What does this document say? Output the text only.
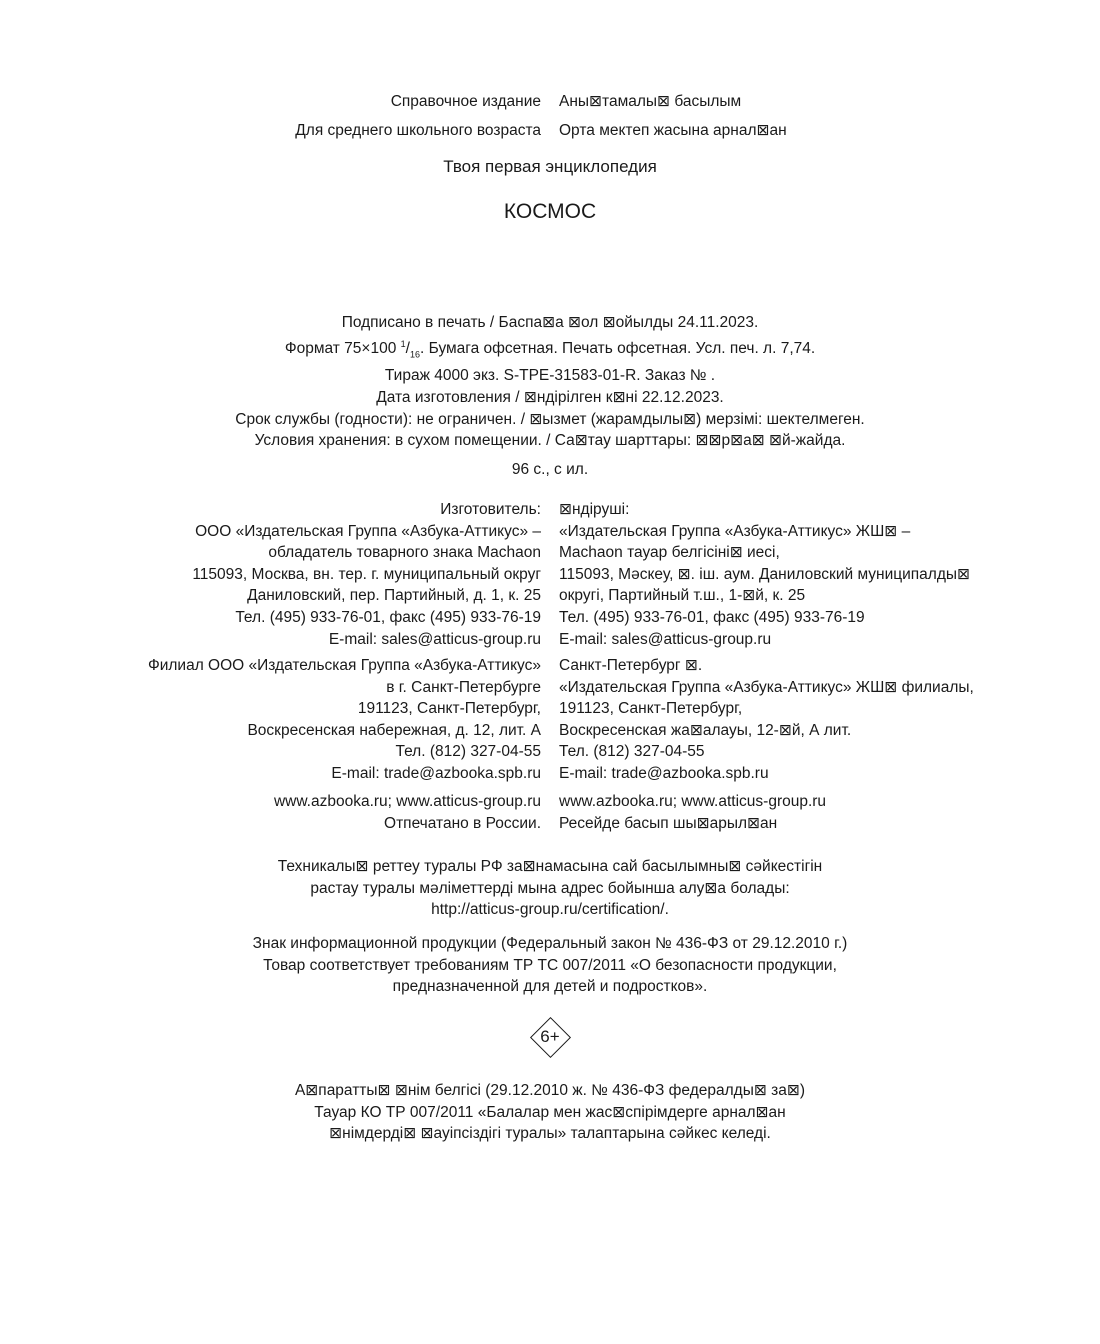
Справочное издание Аны⊠тамалы⊠ басылым
Для среднего школьного возраста Орта мектеп жасына арнал⊠ан
Твоя первая энциклопедия
КОСМОС
Подписано в печать / Баспа⊠а ⊠ол ⊠ойылды 24.11.2023.
Формат 75×100 $^1/_{16}$. Бумага офсетная. Печать офсетная. Усл. печ. л. 7,74.
Тираж 4000 экз. S-TPE-31583-01-R. Заказ № .
Дата изготовления / ⊠ндірілген к⊠ні 22.12.2023.
Срок службы (годности): не ограничен. / ⊠ызмет (жарамдылы⊠) мерзімі: шектелмеген.
Условия хранения: в сухом помещении. / Са⊠тау шарттары: ⊠⊠р⊠а⊠ ⊠й-жайда.
96 с., с ил.
Изготовитель: ⊠ндіруші:
ООО «Издательская Группа «Азбука-Аттикус» – «Издательская Группа «Азбука-Аттикус» ЖШ⊠ –
обладатель товарного знака Machaon Machaon тауар белгісіні⊠ иесі,
115093, Москва, вн. тер. г. муниципальный округ 115093, Мәскеу, ⊠. іш. аум. Даниловский муниципалды⊠
Даниловский, пер. Партийный, д. 1, к. 25 округі, Партийный т.ш., 1-⊠й, к. 25
Тел. (495) 933-76-01, факс (495) 933-76-19 Тел. (495) 933-76-01, факс (495) 933-76-19
E-mail: sales@atticus-group.ru E-mail: sales@atticus-group.ru
Филиал ООО «Издательская Группа «Азбука-Аттикус» Санкт-Петербург ⊠.
в г. Санкт-Петербурге «Издательская Группа «Азбука-Аттикус» ЖШ⊠ филиалы,
191123, Санкт-Петербург, 191123, Санкт-Петербург,
Воскресенская набережная, д. 12, лит. А Воскресенская жа⊠алауы, 12-⊠й, А лит.
Тел. (812) 327-04-55 Тел. (812) 327-04-55
E-mail: trade@azbooka.spb.ru E-mail: trade@azbooka.spb.ru
www.azbooka.ru; www.atticus-group.ru www.azbooka.ru; www.atticus-group.ru
Отпечатано в России. Ресейде басып шы⊠арыл⊠ан
Техникалы⊠ реттеу туралы РФ за⊠намасына сай басылымны⊠ сәйкестігін
растау туралы мәліметтерді мына адрес бойынша алу⊠а болады:
http://atticus-group.ru/certification/.
Знак информационной продукции (Федеральный закон № 436-ФЗ от 29.12.2010 г.)
Товар соответствует требованиям ТР ТС 007/2011 «О безопасности продукции,
предназначенной для детей и подростков».
6+
А⊠паратты⊠ ⊠нім белгісі (29.12.2010 ж. № 436-ФЗ федералды⊠ за⊠)
Тауар КО ТР 007/2011 «Балалар мен жас⊠спірімдерге арнал⊠ан
⊠німдерді⊠ ⊠ауіпсіздігі туралы» талаптарына сәйкес келеді.
